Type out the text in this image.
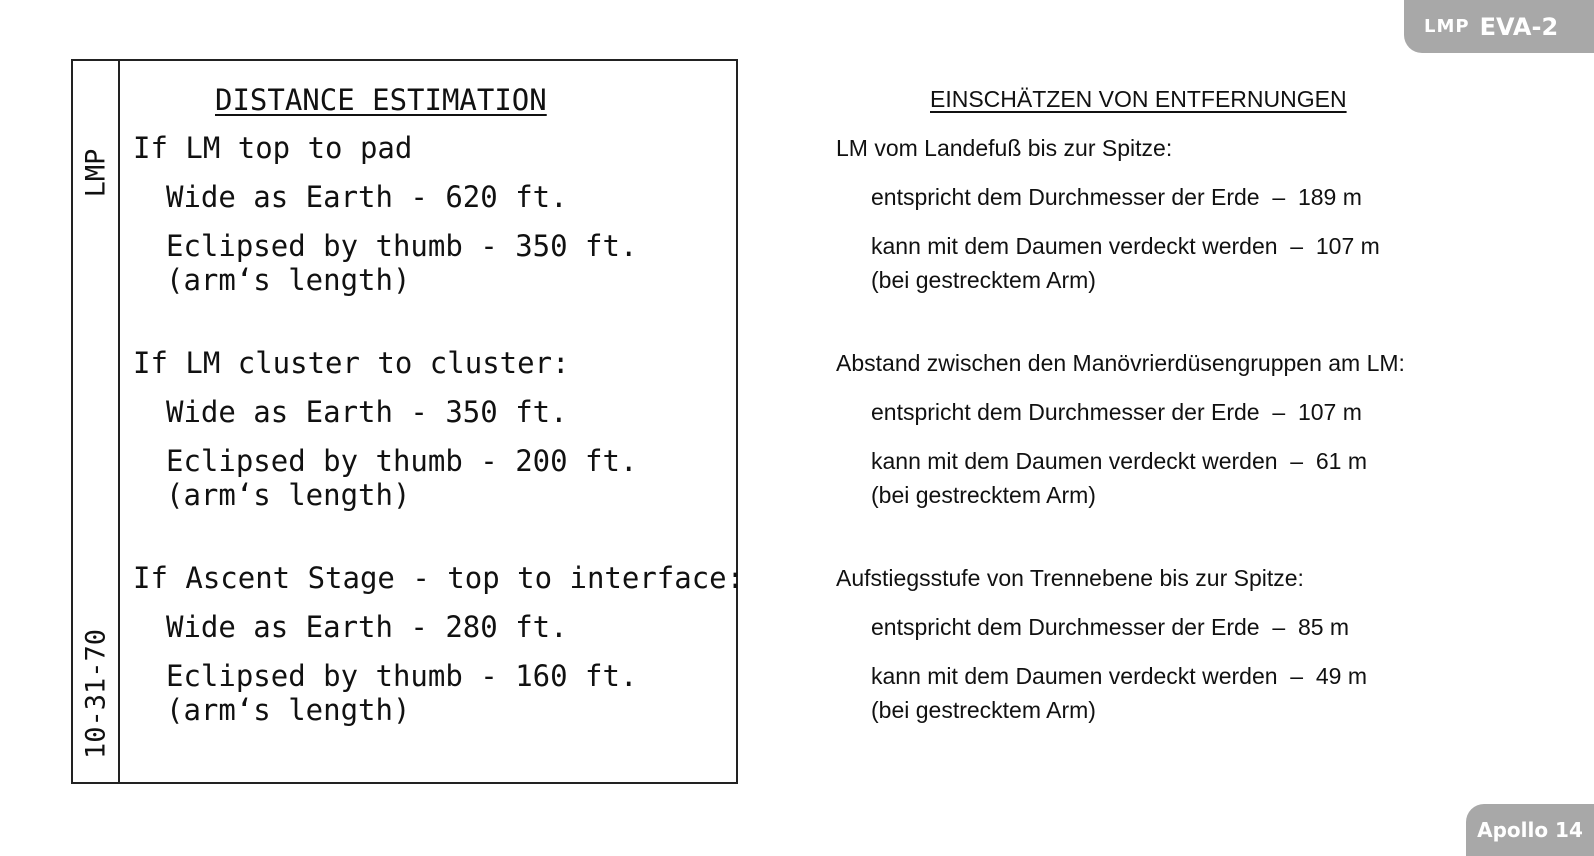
LMP EVA-2
Apollo 14
LMP
10-31-70
DISTANCE ESTIMATION
If LM top to pad
Wide as Earth - 620 ft.
Eclipsed by thumb - 350 ft.
(arm‘s length)
If LM cluster to cluster:
Wide as Earth - 350 ft.
Eclipsed by thumb - 200 ft.
(arm‘s length)
If Ascent Stage - top to interface:
Wide as Earth - 280 ft.
Eclipsed by thumb - 160 ft.
(arm‘s length)
EINSCHÄTZEN VON ENTFERNUNGEN
LM vom Landefuß bis zur Spitze:
entspricht dem Durchmesser der Erde  –  189 m
kann mit dem Daumen verdeckt werden  –  107 m
(bei gestrecktem Arm)
Abstand zwischen den Manövrierdüsengruppen am LM:
entspricht dem Durchmesser der Erde  –  107 m
kann mit dem Daumen verdeckt werden  –  61 m
(bei gestrecktem Arm)
Aufstiegsstufe von Trennebene bis zur Spitze:
entspricht dem Durchmesser der Erde  –  85 m
kann mit dem Daumen verdeckt werden  –  49 m
(bei gestrecktem Arm)
